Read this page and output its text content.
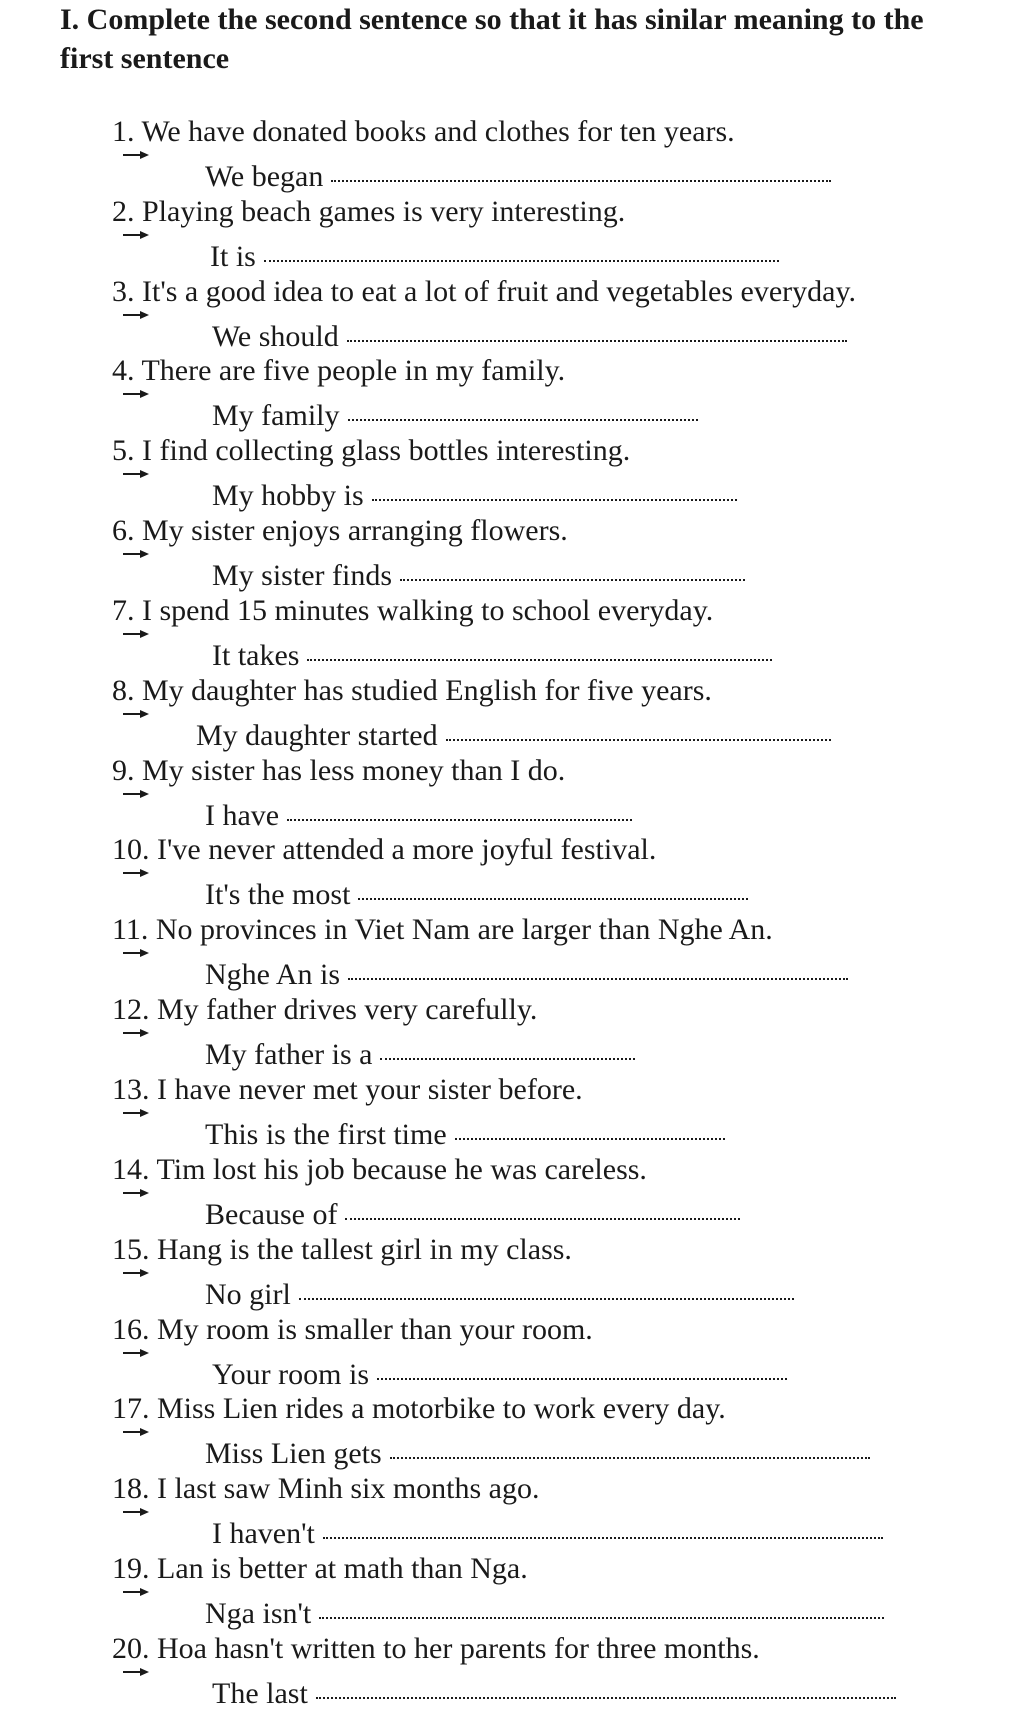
I. Complete the second sentence so that it has sinilar meaning to the first sentence
1. We have donated books and clothes for ten years.
We began
2. Playing beach games is very interesting.
It is
3. It's a good idea to eat a lot of fruit and vegetables everyday.
We should
4. There are five people in my family.
My family
5. I find collecting glass bottles interesting.
My hobby is
6. My sister enjoys arranging flowers.
My sister finds
7. I spend 15 minutes walking to school everyday.
It takes
8. My daughter has studied English for five years.
My daughter started
9. My sister has less money than I do.
I have
10. I've never attended a more joyful festival.
It's the most
11. No provinces in Viet Nam are larger than Nghe An.
Nghe An is
12. My father drives very carefully.
My father is a
13. I have never met your sister before.
This is the first time
14. Tim lost his job because he was careless.
Because of
15. Hang is the tallest girl in my class.
No girl
16. My room is smaller than your room.
Your room is
17. Miss Lien rides a motorbike to work every day.
Miss Lien gets
18. I last saw Minh six months ago.
I haven't
19. Lan is better at math than Nga.
Nga isn't
20. Hoa hasn't written to her parents for three months.
The last
